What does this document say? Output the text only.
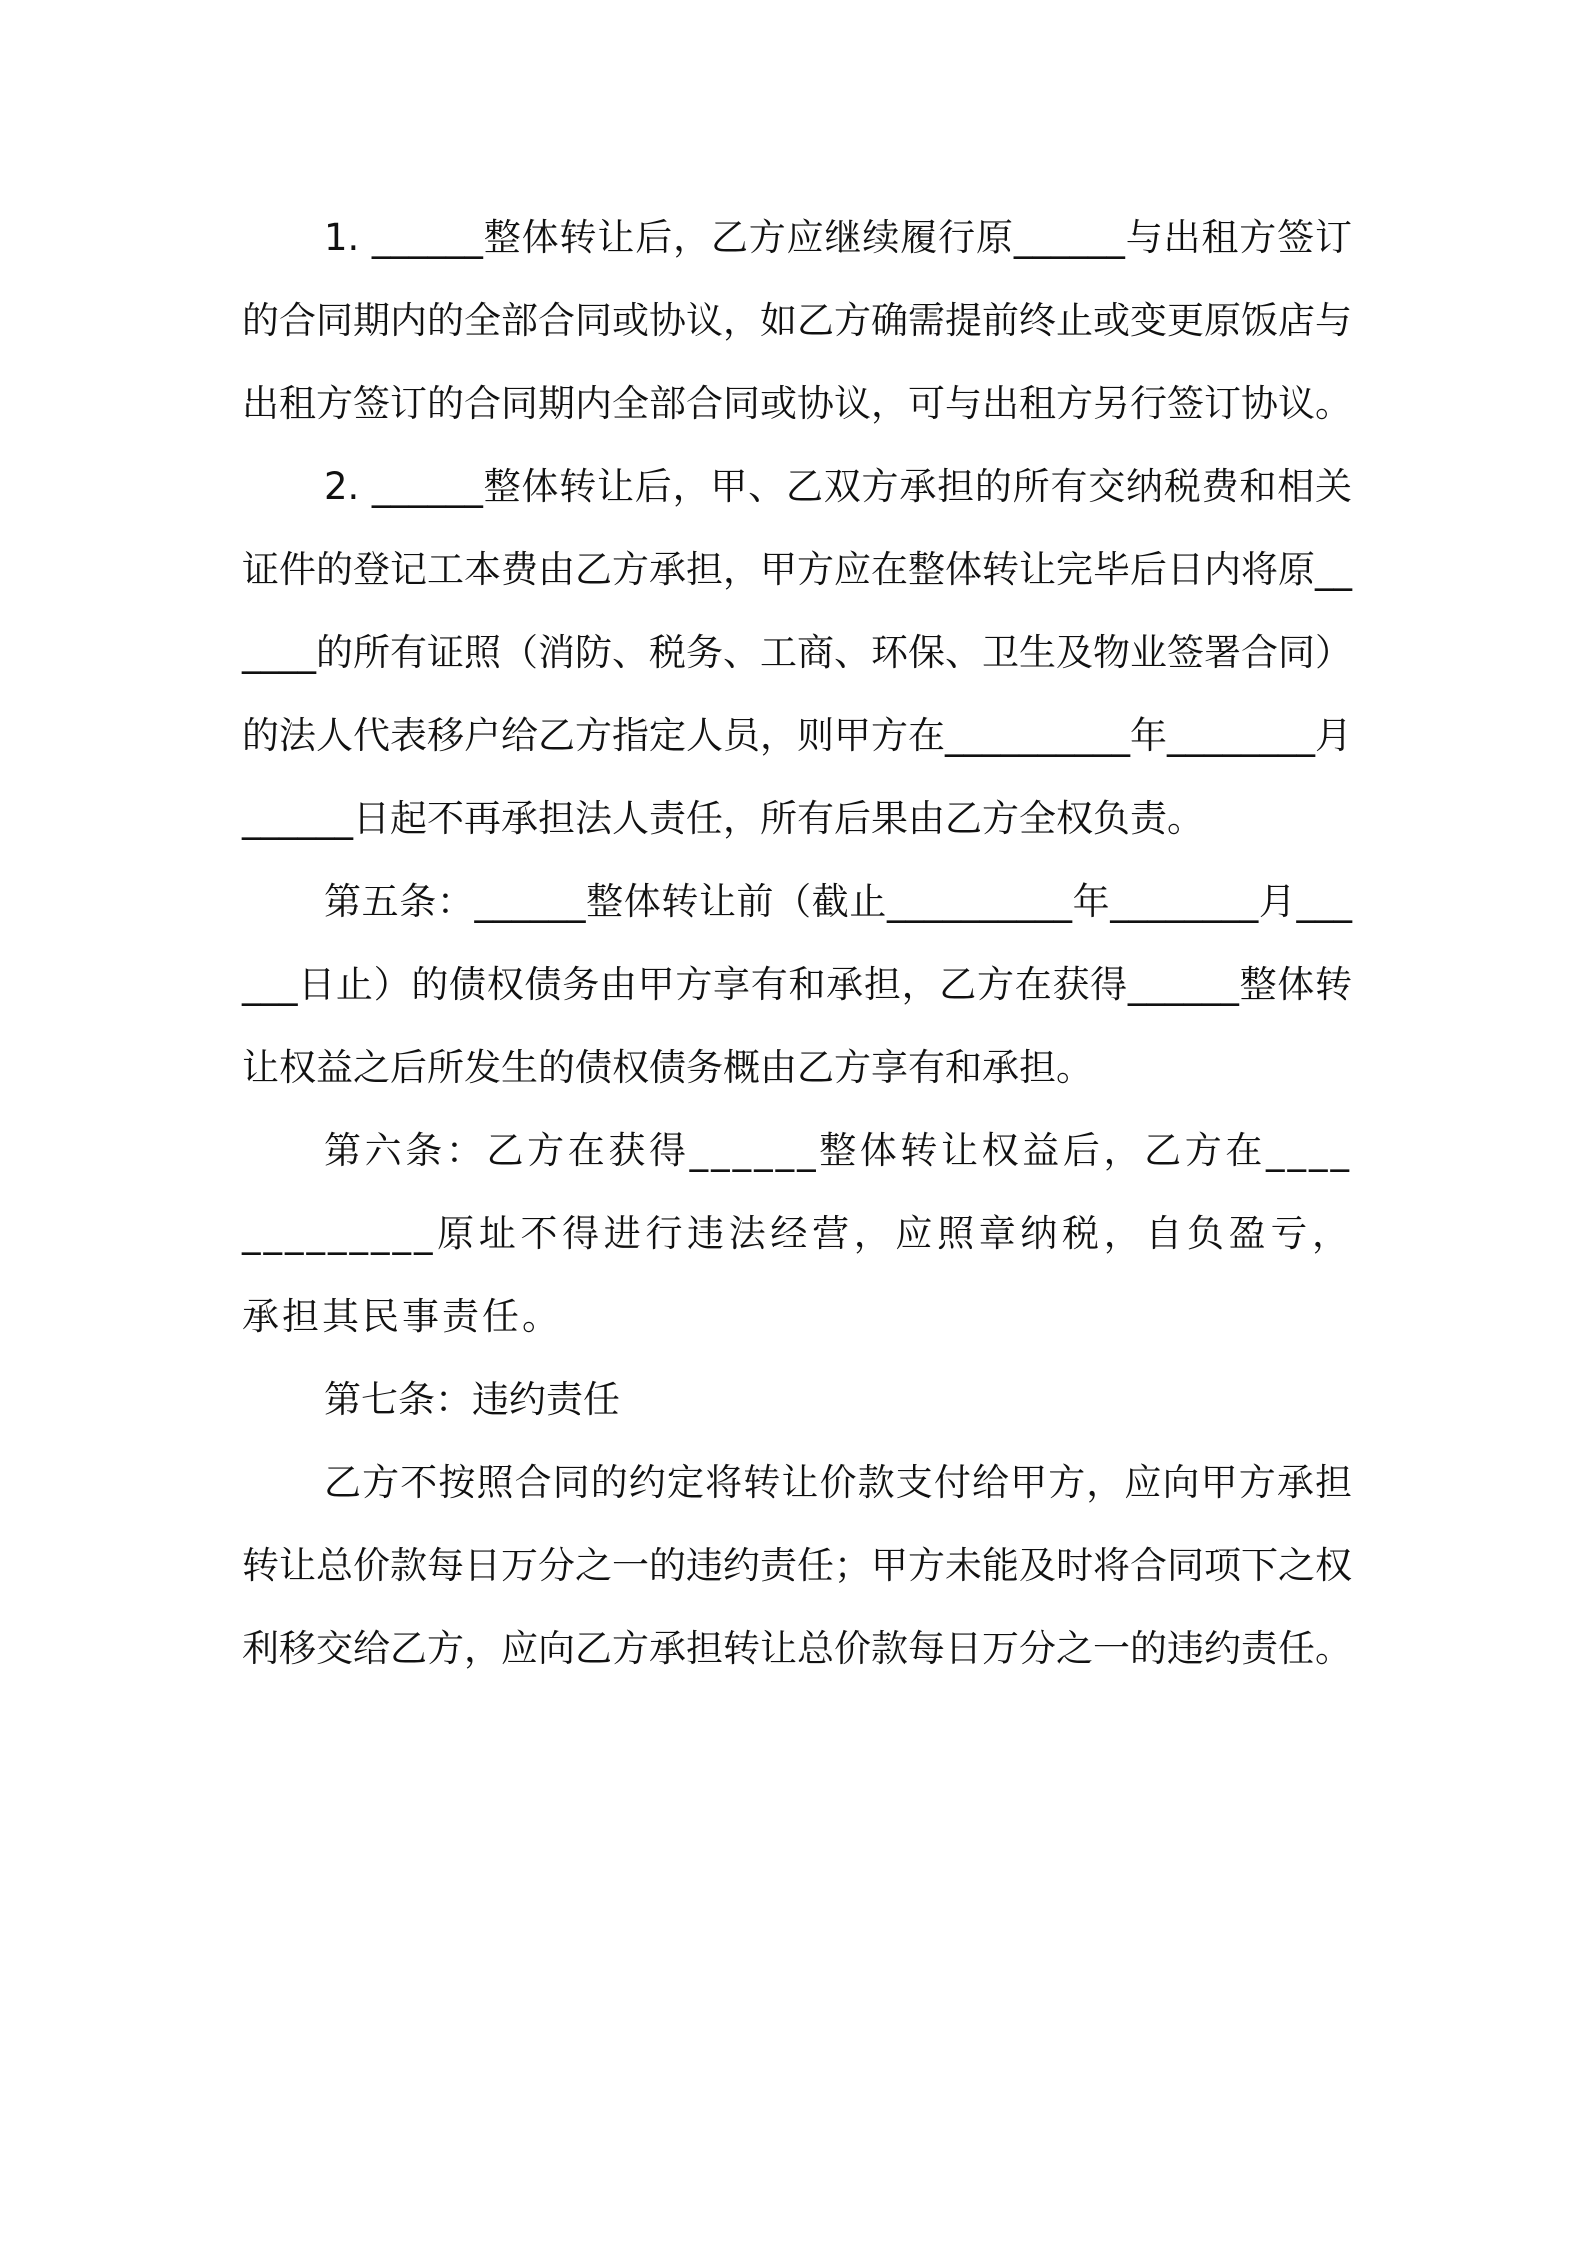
1. ______整体转让后，乙方应继续履行原______与出租方签订的合同期内的全部合同或协议，如乙方确需提前终止或变更原饭店与出租方签订的合同期内全部合同或协议，可与出租方另行签订协议。

2. ______整体转让后，甲、乙双方承担的所有交纳税费和相关证件的登记工本费由乙方承担，甲方应在整体转让完毕后日内将原______的所有证照（消防、税务、工商、环保、卫生及物业签署合同）的法人代表移户给乙方指定人员，则甲方在__________年________月______日起不再承担法人责任，所有后果由乙方全权负责。

第五条：______整体转让前（截止__________年________月______日止）的债权债务由甲方享有和承担，乙方在获得______整体转让权益之后所发生的债权债务概由乙方享有和承担。

第六条：乙方在获得______整体转让权益后，乙方在_____________原址不得进行违法经营，应照章纳税，自负盈亏，承担其民事责任。

第七条：违约责任

乙方不按照合同的约定将转让价款支付给甲方，应向甲方承担转让总价款每日万分之一的违约责任；甲方未能及时将合同项下之权利移交给乙方，应向乙方承担转让总价款每日万分之一的违约责任。
